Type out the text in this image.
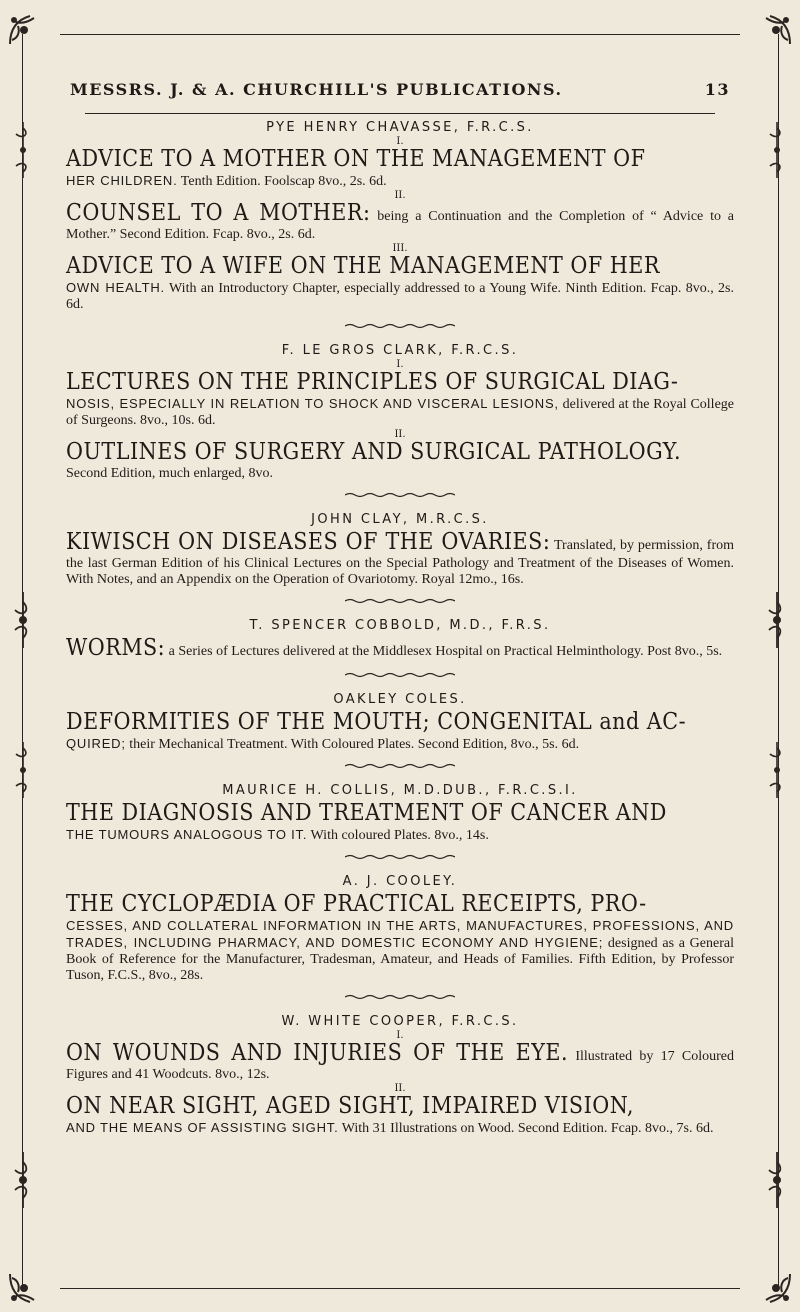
MESSRS. J. & A. CHURCHILL'S PUBLICATIONS.	13
PYE HENRY CHAVASSE, F.R.C.S.
I.
ADVICE TO A MOTHER ON THE MANAGEMENT OF
HER CHILDREN. Tenth Edition. Foolscap 8vo., 2s. 6d.
II.
COUNSEL TO A MOTHER: being a Continuation and the Completion of “ Advice to a Mother.” Second Edition. Fcap. 8vo., 2s. 6d.
III.
ADVICE TO A WIFE ON THE MANAGEMENT OF HER
OWN HEALTH. With an Introductory Chapter, especially addressed to a Young Wife. Ninth Edition. Fcap. 8vo., 2s. 6d.
F. LE GROS CLARK, F.R.C.S.
I.
LECTURES ON THE PRINCIPLES OF SURGICAL DIAG-
NOSIS, ESPECIALLY IN RELATION TO SHOCK AND VISCERAL LESIONS, delivered at the Royal College of Surgeons. 8vo., 10s. 6d.
II.
OUTLINES OF SURGERY AND SURGICAL PATHOLOGY.
Second Edition, much enlarged, 8vo.
JOHN CLAY, M.R.C.S.
KIWISCH ON DISEASES OF THE OVARIES: Translated, by permission, from the last German Edition of his Clinical Lectures on the Special Pathology and Treatment of the Diseases of Women. With Notes, and an Appendix on the Operation of Ovariotomy. Royal 12mo., 16s.
T. SPENCER COBBOLD, M.D., F.R.S.
WORMS: a Series of Lectures delivered at the Middlesex Hospital on Practical Helminthology. Post 8vo., 5s.
OAKLEY COLES.
DEFORMITIES OF THE MOUTH; CONGENITAL and AC-
QUIRED; their Mechanical Treatment. With Coloured Plates. Second Edition, 8vo., 5s. 6d.
MAURICE H. COLLIS, M.D.DUB., F.R.C.S.I.
THE DIAGNOSIS AND TREATMENT OF CANCER AND
THE TUMOURS ANALOGOUS TO IT. With coloured Plates. 8vo., 14s.
A. J. COOLEY.
THE CYCLOPÆDIA OF PRACTICAL RECEIPTS, PRO-
CESSES, AND COLLATERAL INFORMATION IN THE ARTS, MANUFACTURES, PROFESSIONS, AND TRADES, INCLUDING PHARMACY, AND DOMESTIC ECONOMY AND HYGIENE; designed as a General Book of Reference for the Manufacturer, Tradesman, Amateur, and Heads of Families. Fifth Edition, by Professor Tuson, F.C.S., 8vo., 28s.
W. WHITE COOPER, F.R.C.S.
I.
ON WOUNDS AND INJURIES OF THE EYE. Illustrated by 17 Coloured Figures and 41 Woodcuts. 8vo., 12s.
II.
ON NEAR SIGHT, AGED SIGHT, IMPAIRED VISION,
AND THE MEANS OF ASSISTING SIGHT. With 31 Illustrations on Wood. Second Edition. Fcap. 8vo., 7s. 6d.
